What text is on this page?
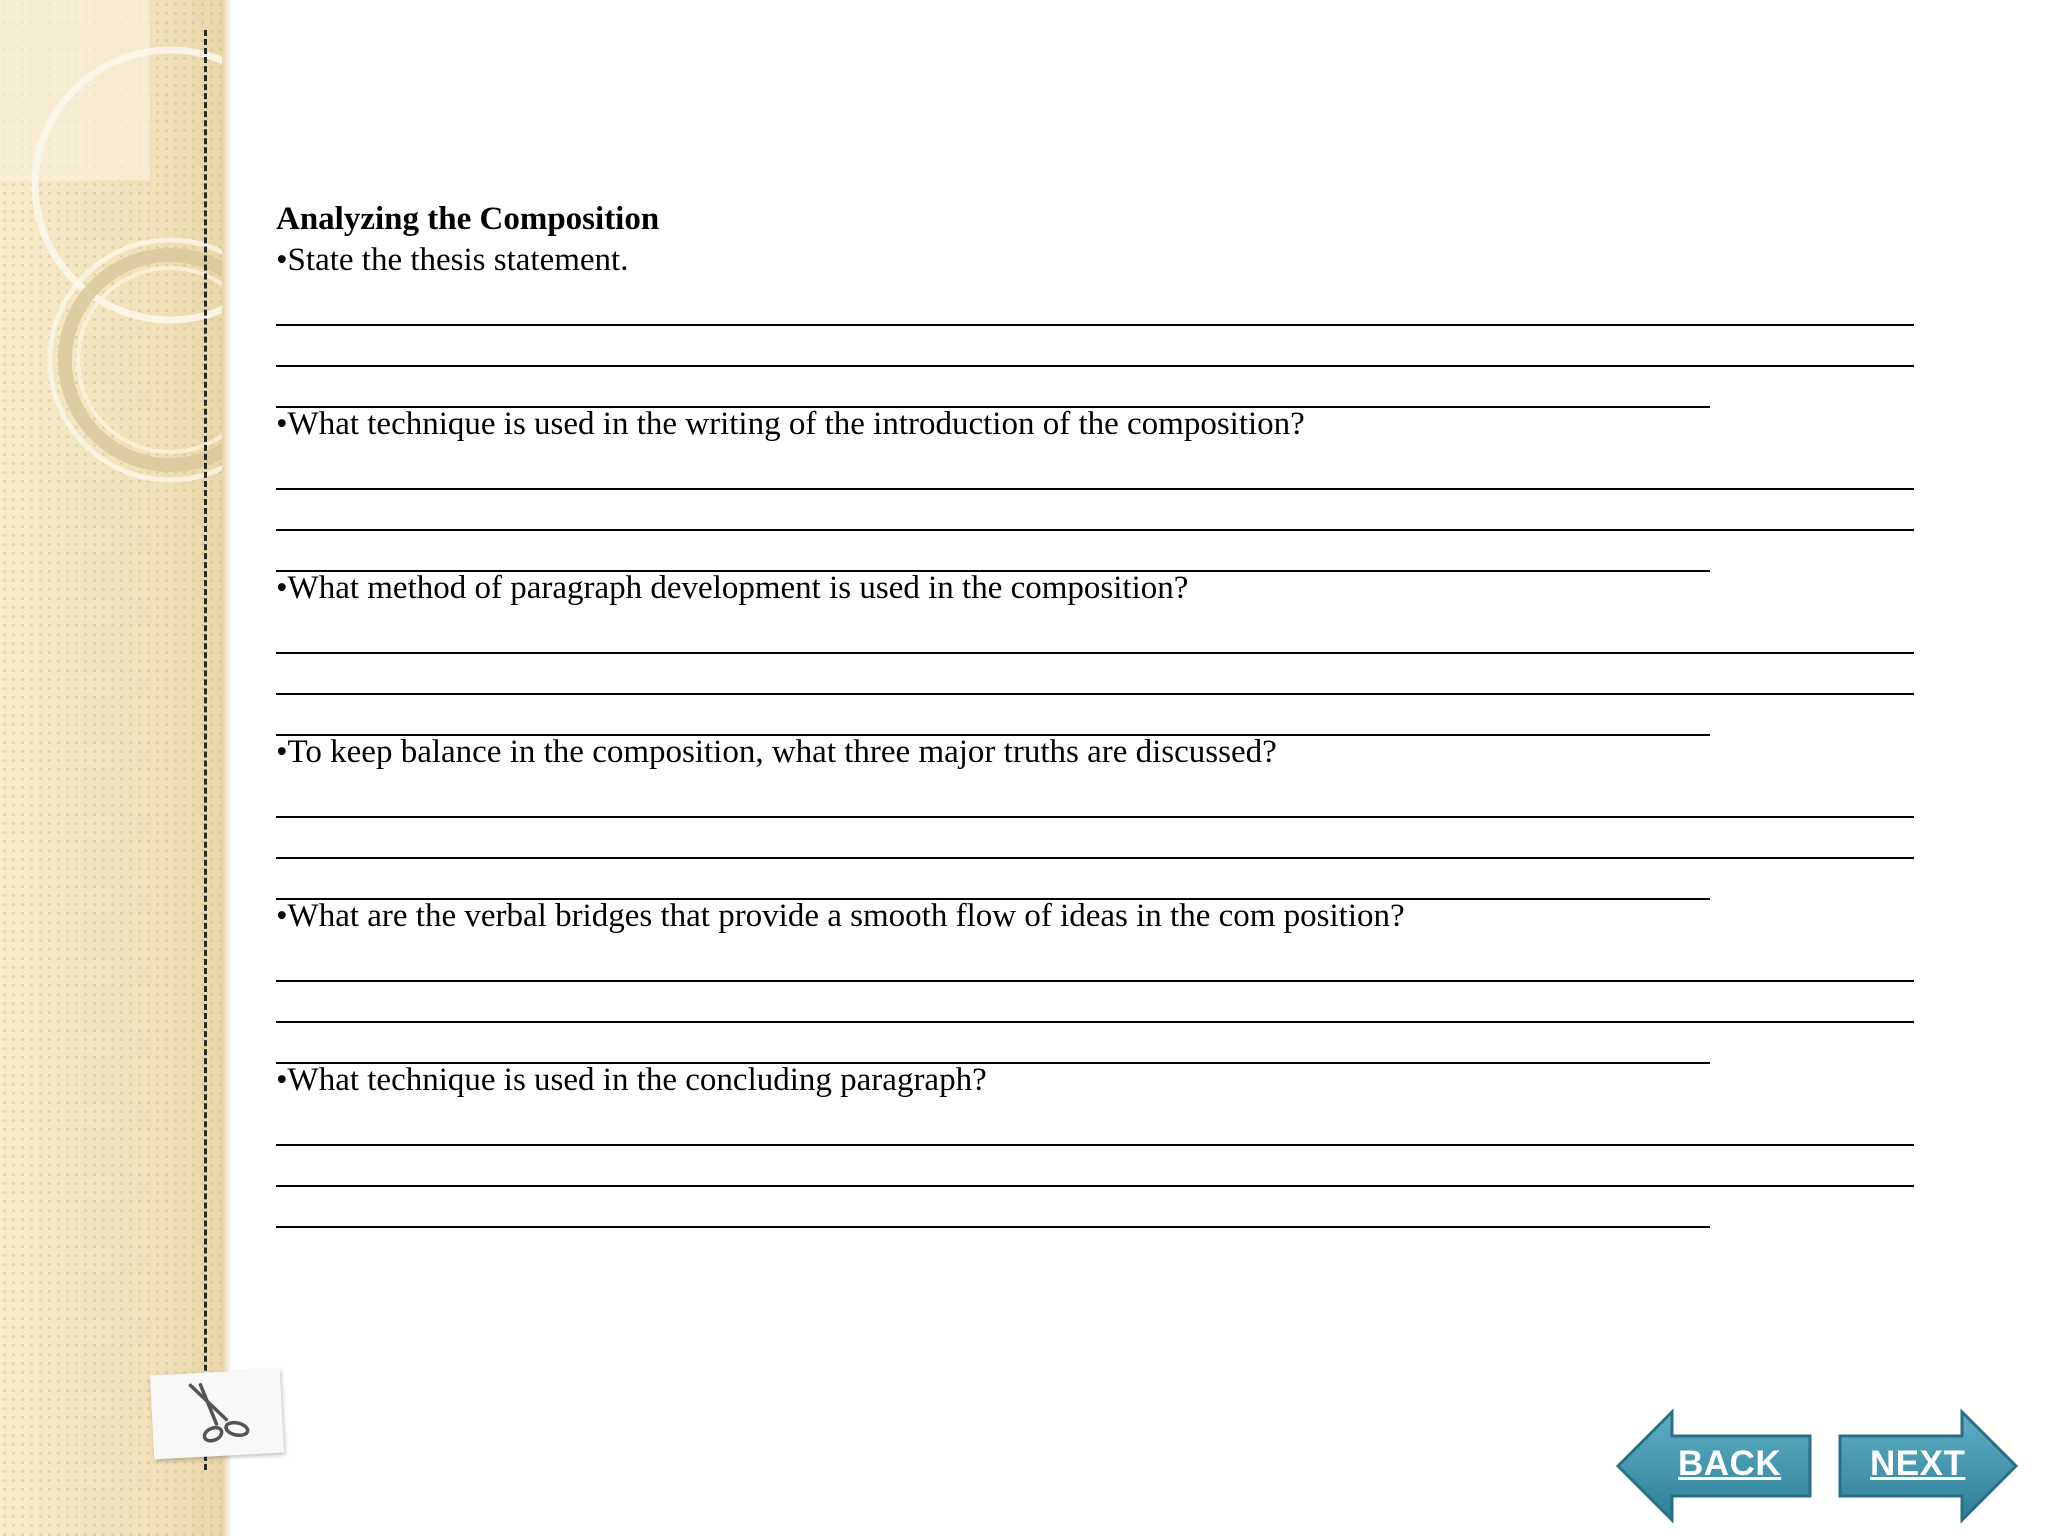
Analyzing the Composition

•State the thesis statement.

•What technique is used in the writing of the introduction of the composition?

•What method of paragraph development is used in the composition?

•To keep balance in the composition, what three major truths are discussed?

•What are the verbal bridges that provide a smooth flow of ideas in the com position?

•What technique is used in the concluding paragraph?

BACK	NEXT
